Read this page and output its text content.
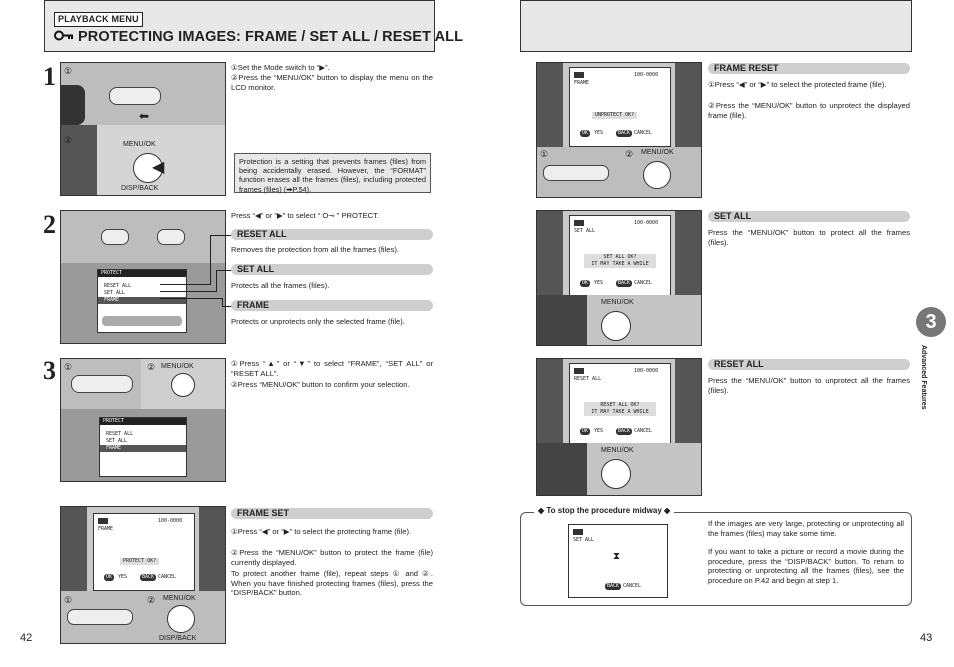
PLAYBACK MENU
PROTECTING IMAGES: FRAME / SET ALL / RESET ALL
1
⬅
◀
①
②	MENU/OK
DISP/BACK
①Set the Mode switch to “▶”.
②Press the “MENU/OK” button to display the menu on the LCD monitor.
Protection is a setting that prevents frames (files) from being accidentally erased. However, the “FORMAT” function erases all the frames (files), including protected frames (files) (➡P.54).
2
PROTECT
RESET ALL
SET ALL
FRAME
Press “◀” or “▶” to select “ O⊸ ” PROTECT.
RESET ALL
Removes the protection from all the frames (files).
SET ALL
Protects all the frames (files).
FRAME
Protects or unprotects only the selected frame (file).
3 ①	② MENU/OK
PROTECT
RESET ALL
SET ALL
FRAME
①Press “▲” or “▼” to select “FRAME”, “SET ALL” or “RESET ALL”.
②Press “MENU/OK” button to confirm your selection.
FRAME
100-0000
PROTECT OK?
OK	YES	BACK CANCEL
①	② MENU/OK
DISP/BACK
FRAME SET
①Press “◀” or “▶” to select the protecting frame (file).
②Press the “MENU/OK” button to protect the frame (file) currently displayed.
To protect another frame (file), repeat steps ① and ②. When you have finished protecting frames (files), press the “DISP/BACK” button.
42
FRAME
100-0000
UNPROTECT OK?
OK	YES	BACK CANCEL
①	② MENU/OK
FRAME RESET
①Press “◀” or “▶” to select the protected frame (file).
②Press the “MENU/OK” button to unprotect the displayed frame (file).
SET ALL
100-0000
SET ALL OK?
IT MAY TAKE A WHILE
OK	YES	BACK CANCEL
MENU/OK
SET ALL
Press the “MENU/OK” button to protect all the frames (files).
RESET ALL
100-0000
RESET ALL OK?
IT MAY TAKE A WHILE
OK	YES	BACK CANCEL
MENU/OK
RESET ALL
Press the “MENU/OK” button to unprotect all the frames (files).
◆ To stop the procedure midway ◆
SET ALL
⧗
BACK CANCEL
If the images are very large, protecting or unprotecting all the frames (files) may take some time.
If you want to take a picture or record a movie during the procedure, press the “DISP/BACK” button. To return to protecting or unprotecting all the frames (files), see the procedure on P.42 and begin at step 1.
3
Advanced Features
43
